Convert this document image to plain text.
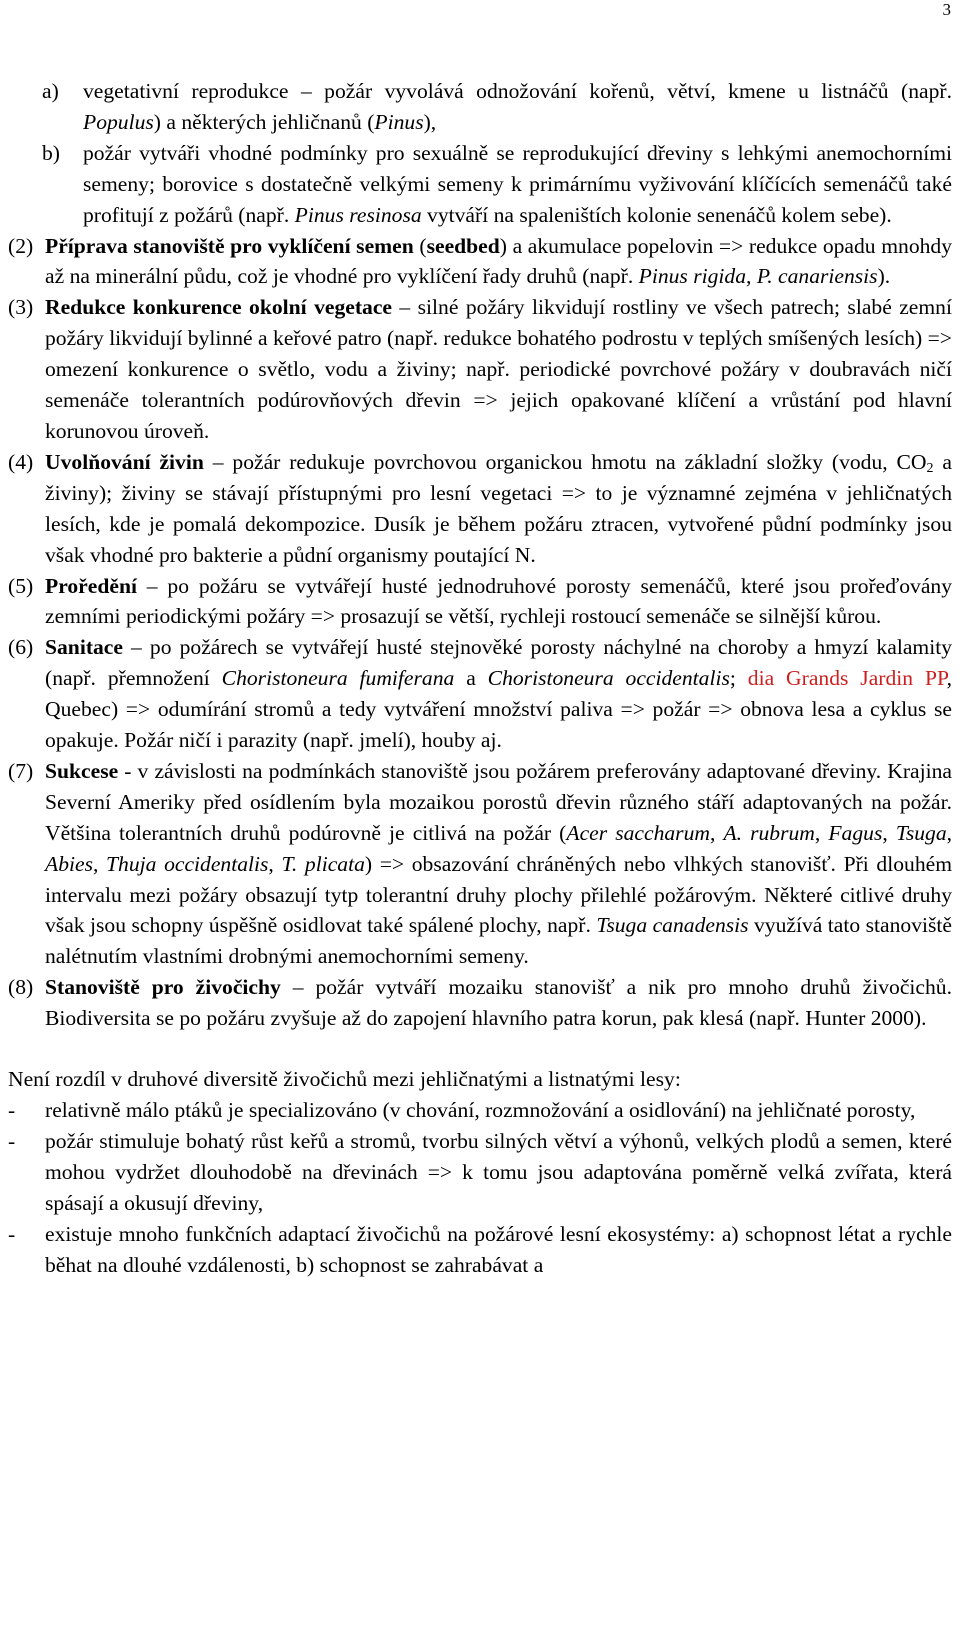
3
a)	vegetativní reprodukce – požár vyvolává odnožování kořenů, větví, kmene u listnáčů (např. Populus) a některých jehličnanů (Pinus),
b)	požár vytváři vhodné podmínky pro sexuálně se reprodukující dřeviny s lehkými anemochorními semeny; borovice s dostatečně velkými semeny k primárnímu vyživování klíčících semenáčů také profitují z požárů (např. Pinus resinosa vytváří na spaleništích kolonie senenáčů kolem sebe).
(2) Příprava stanoviště pro vyklíčení semen (seedbed) a akumulace popelovin => redukce opadu mnohdy až na minerální půdu, což je vhodné pro vyklíčení řady druhů (např. Pinus rigida, P. canariensis).
(3) Redukce konkurence okolní vegetace – silné požáry likvidují rostliny ve všech patrech; slabé zemní požáry likvidují bylinné a keřové patro (např. redukce bohatého podrostu v teplých smíšených lesích) => omezení konkurence o světlo, vodu a živiny; např. periodické povrchové požáry v doubravách ničí semenáče tolerantních podúrovňových dřevin => jejich opakované klíčení a vrůstání pod hlavní korunovou úroveň.
(4) Uvolňování živin – požár redukuje povrchovou organickou hmotu na základní složky (vodu, $CO_2$ a živiny); živiny se stávají přístupnými pro lesní vegetaci => to je významné zejména v jehličnatých lesích, kde je pomalá dekompozice. Dusík je během požáru ztracen, vytvořené půdní podmínky jsou však vhodné pro bakterie a půdní organismy poutající N.
(5) Proředění – po požáru se vytvářejí husté jednodruhové porosty semenáčů, které jsou prořeďovány zemními periodickými požáry => prosazují se větší, rychleji rostoucí semenáče se silnější kůrou.
(6) Sanitace – po požárech se vytvářejí husté stejnověké porosty náchylné na choroby a hmyzí kalamity (např. přemnožení Choristoneura fumiferana a Choristoneura occidentalis; dia Grands Jardin PP, Quebec) => odumírání stromů a tedy vytváření množství paliva => požár => obnova lesa a cyklus se opakuje. Požár ničí i parazity (např. jmelí), houby aj.
(7) Sukcese - v závislosti na podmínkách stanoviště jsou požárem preferovány adaptované dřeviny. Krajina Severní Ameriky před osídlením byla mozaikou porostů dřevin různého stáří adaptovaných na požár. Většina tolerantních druhů podúrovně je citlivá na požár (Acer saccharum, A. rubrum, Fagus, Tsuga, Abies, Thuja occidentalis, T. plicata) => obsazování chráněných nebo vlhkých stanovišť. Při dlouhém intervalu mezi požáry obsazují tytp tolerantní druhy plochy přilehlé požárovým. Některé citlivé druhy však jsou schopny úspěšně osidlovat také spálené plochy, např. Tsuga canadensis využívá tato stanoviště nalétnutím vlastními drobnými anemochorními semeny.
(8) Stanoviště pro živočichy – požár vytváří mozaiku stanovišť a nik pro mnoho druhů živočichů. Biodiversita se po požáru zvyšuje až do zapojení hlavního patra korun, pak klesá (např. Hunter 2000).
Není rozdíl v druhové diversitě živočichů mezi jehličnatými a listnatými lesy:
-	relativně málo ptáků je specializováno (v chování, rozmnožování a osidlování) na jehličnaté porosty,
-	požár stimuluje bohatý růst keřů a stromů, tvorbu silných větví a výhonů, velkých plodů a semen, které mohou vydržet dlouhodobě na dřevinách => k tomu jsou adaptována poměrně velká zvířata, která spásají a okusují dřeviny,
-	existuje mnoho funkčních adaptací živočichů na požárové lesní ekosystémy: a) schopnost létat a rychle běhat na dlouhé vzdálenosti, b) schopnost se zahrabávat a
